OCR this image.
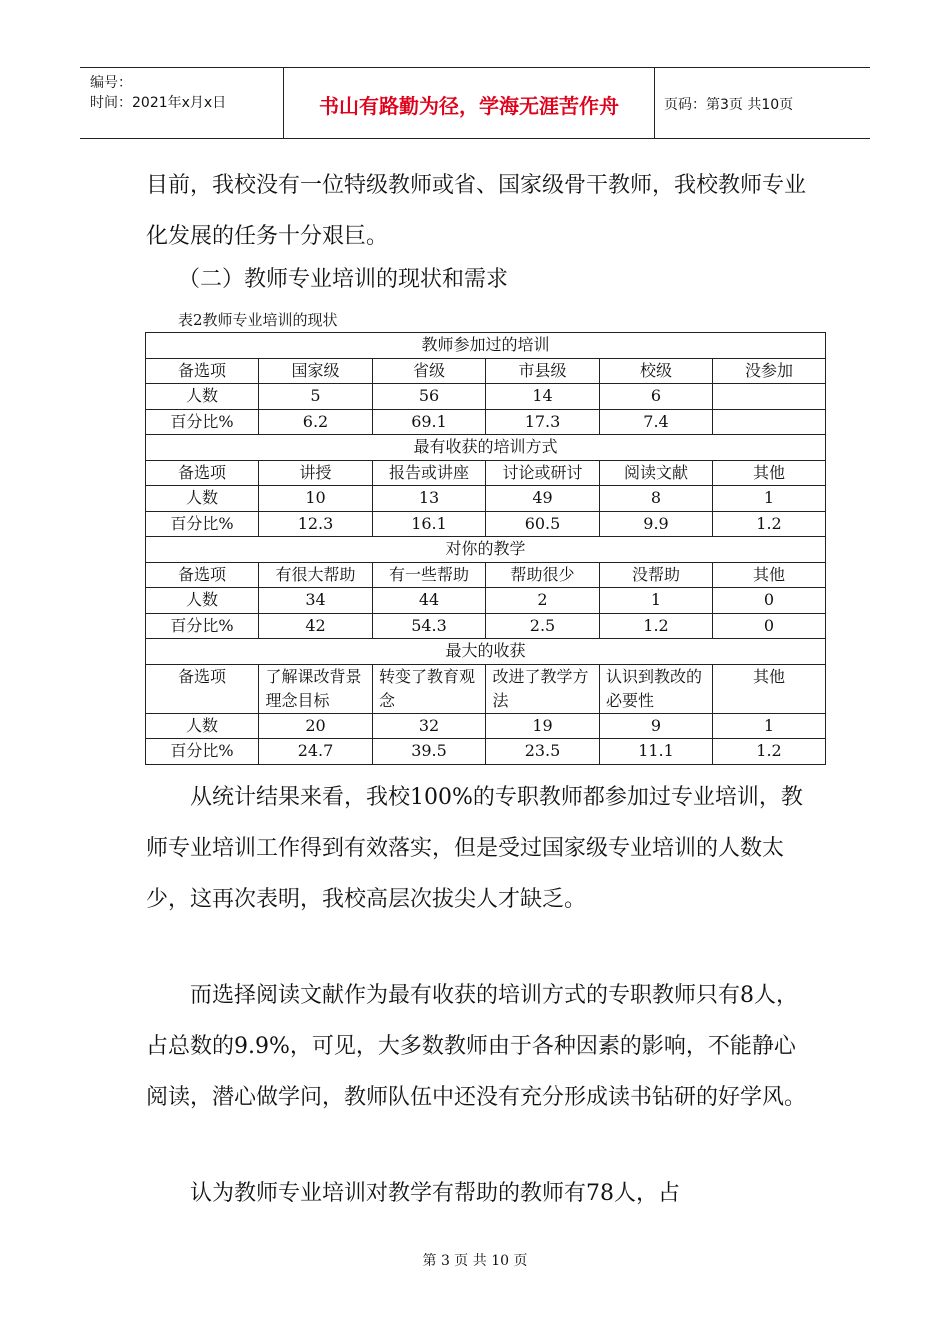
编号：
时间：2021年x月x日	书山有路勤为径，学海无涯苦作舟	页码：第3页 共10页

目前，我校没有一位特级教师或省、国家级骨干教师，我校教师专业化发展的任务十分艰巨。

（二）教师专业培训的现状和需求

表2教师专业培训的现状

教师参加过的培训					
备选项	国家级	省级	市县级	校级	没参加
人数	5	56	14	6	
百分比%	6.2	69.1	17.3	7.4	
最有收获的培训方式					
备选项	讲授	报告或讲座	讨论或研讨	阅读文献	其他
人数	10	13	49	8	1
百分比%	12.3	16.1	60.5	9.9	1.2
对你的教学					
备选项	有很大帮助	有一些帮助	帮助很少	没帮助	其他
人数	34	44	2	1	0
百分比%	42	54.3	2.5	1.2	0
最大的收获					
备选项	了解课改背景理念目标	转变了教育观念	改进了教学方法	认识到教改的必要性	其他
人数	20	32	19	9	1
百分比%	24.7	39.5	23.5	11.1	1.2

从统计结果来看，我校100%的专职教师都参加过专业培训，教师专业培训工作得到有效落实，但是受过国家级专业培训的人数太少，这再次表明，我校高层次拔尖人才缺乏。

而选择阅读文献作为最有收获的培训方式的专职教师只有8人，占总数的9.9%，可见，大多数教师由于各种因素的影响，不能静心阅读，潜心做学问，教师队伍中还没有充分形成读书钻研的好学风。

认为教师专业培训对教学有帮助的教师有78人，占

第 3 页 共 10 页
